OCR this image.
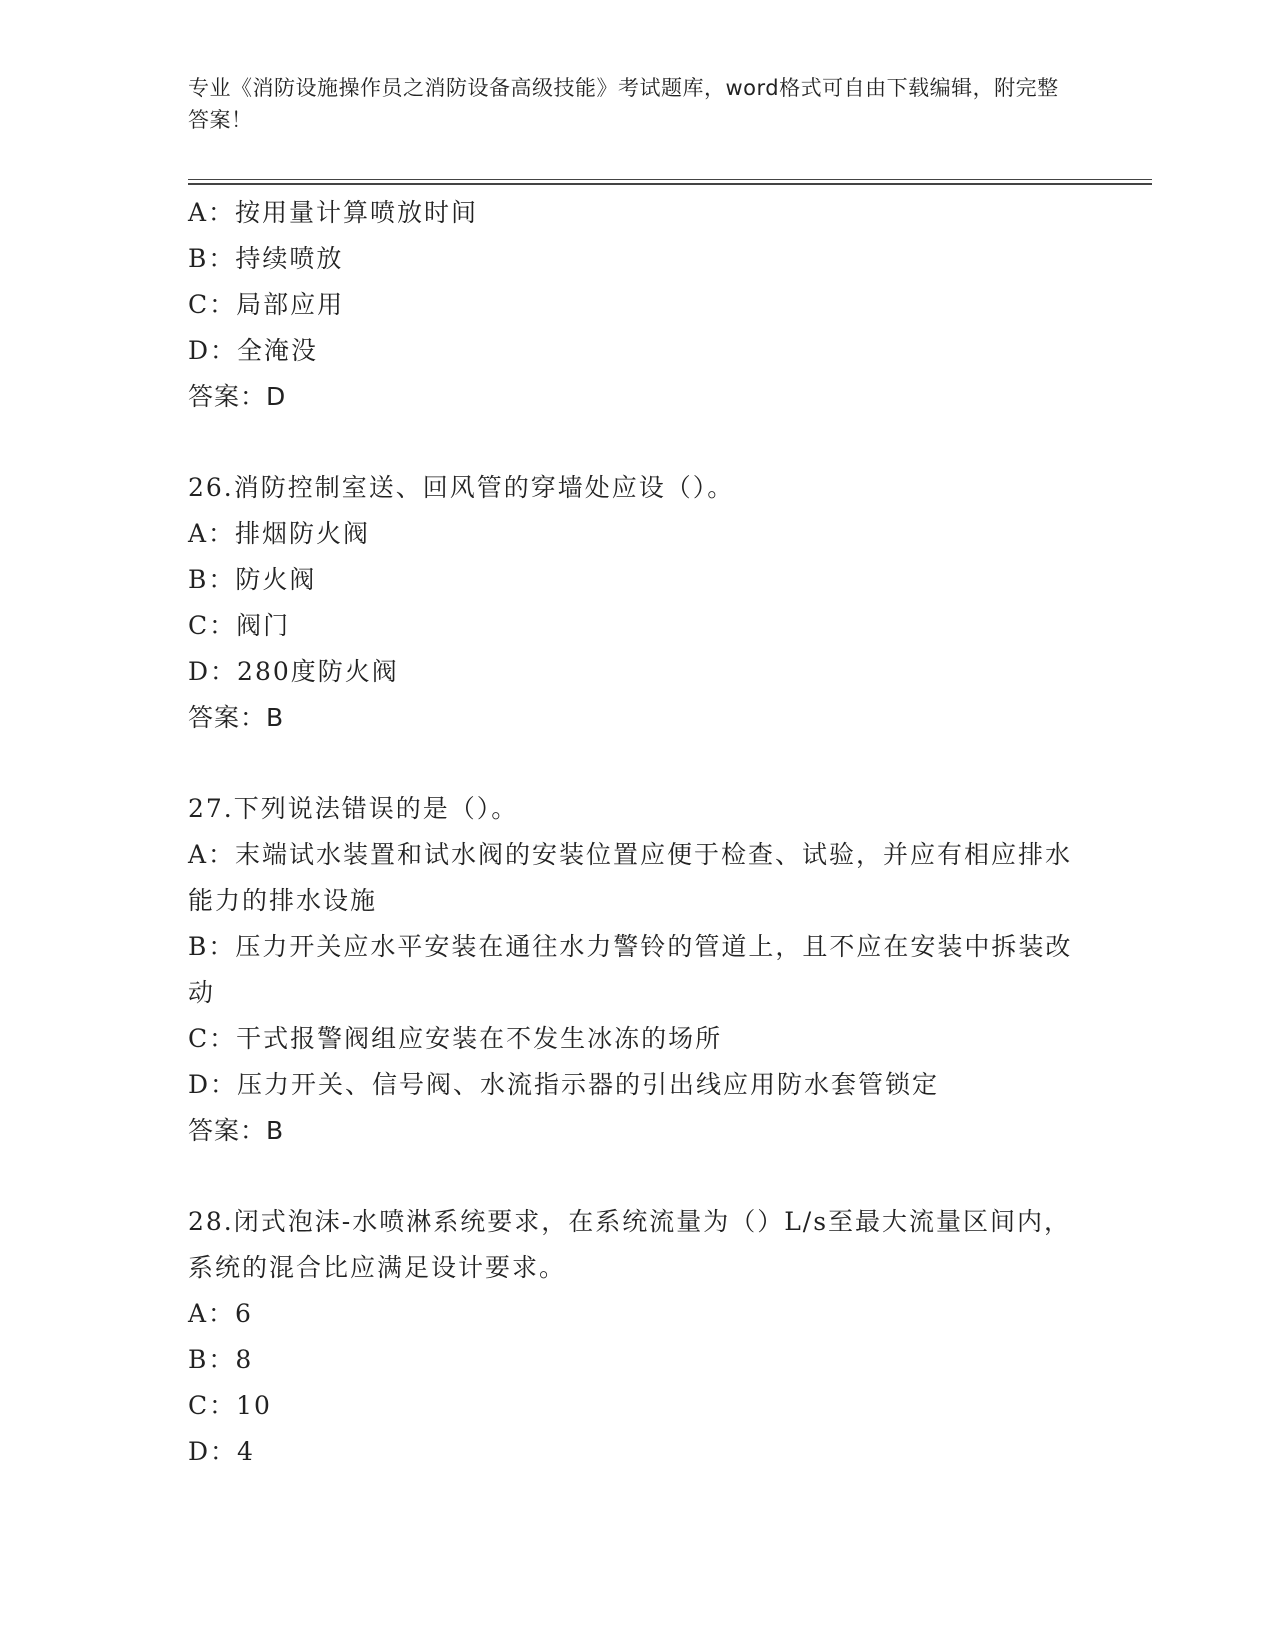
专业《消防设施操作员之消防设备高级技能》考试题库，word格式可自由下载编辑，附完整答案！
A：按用量计算喷放时间
B：持续喷放
C：局部应用
D：全淹没
答案：D
26.消防控制室送、回风管的穿墙处应设（）。
A：排烟防火阀
B：防火阀
C：阀门
D：280度防火阀
答案：B
27.下列说法错误的是（）。
A：末端试水装置和试水阀的安装位置应便于检查、试验，并应有相应排水能力的排水设施
B：压力开关应水平安装在通往水力警铃的管道上，且不应在安装中拆装改动
C：干式报警阀组应安装在不发生冰冻的场所
D：压力开关、信号阀、水流指示器的引出线应用防水套管锁定
答案：B
28.闭式泡沫-水喷淋系统要求，在系统流量为（）L/s至最大流量区间内，系统的混合比应满足设计要求。
A：6
B：8
C：10
D：4
